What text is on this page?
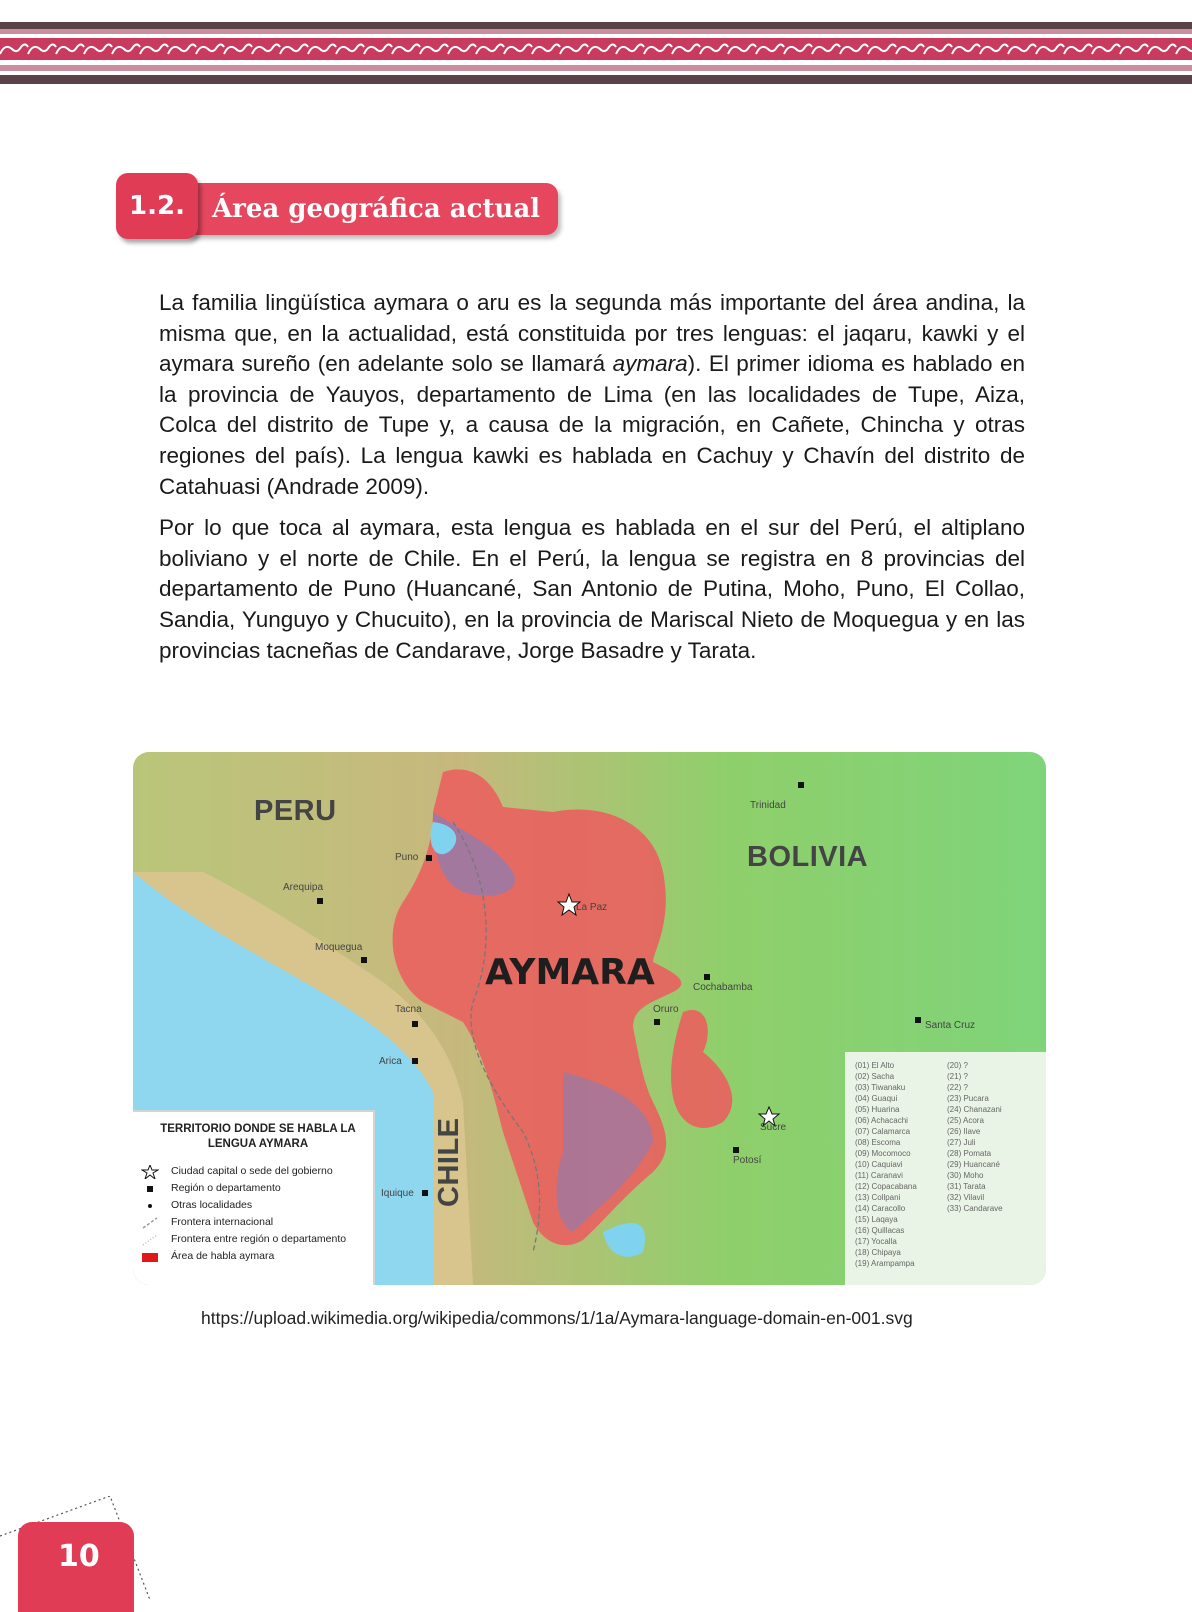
1.2.	Área geográfica actual

La familia lingüística aymara o aru es la segunda más importante del área andina, la misma que, en la actualidad, está constituida por tres lenguas: el jaqaru, kawki y el aymara sureño (en adelante solo se llamará aymara). El primer idioma es hablado en la provincia de Yauyos, departamento de Lima (en las localidades de Tupe, Aiza, Colca del distrito de Tupe y, a causa de la migración, en Cañete, Chincha y otras regiones del país). La lengua kawki es hablada en Cachuy y Chavín del distrito de Catahuasi (Andrade 2009).

Por lo que toca al aymara, esta lengua es hablada en el sur del Perú, el altiplano boliviano y el norte de Chile. En el Perú, la lengua se registra en 8 provincias del departamento de Puno (Huancané, San Antonio de Putina, Moho, Puno, El Collao, Sandia, Yunguyo y Chucuito), en la provincia de Mariscal Nieto de Moquegua y en las provincias tacneñas de Candarave, Jorge Basadre y Tarata.

PERU
BOLIVIA
CHILE
AYMARA
Puno
Arequipa
Moquegua
Tacna
Arica
Iquique
La Paz
Trinidad
Cochabamba
Oruro
Santa Cruz
Potosí
Sucre
TERRITORIO DONDE SE HABLA LA LENGUA AYMARA
Ciudad capital o sede del gobierno
Región o departamento
Otras localidades
Frontera internacional
Frontera entre región o departamento
Área de habla aymara
(01) El Alto
(02) Sacha
(03) Tiwanaku
(04) Guaqui
(05) Huarina
(06) Achacachi
(07) Calamarca
(08) Escoma
(09) Mocomoco
(10) Caquiavi
(11) Caranavi
(12) Copacabana
(13) Collpani
(14) Caracollo
(15) Laqaya
(16) Quillacas
(17) Yocalla
(18) Chipaya
(19) Arampampa
(20) ?
(21) ?
(22) ?
(23) Pucara
(24) Chanazani
(25) Acora
(26) Ilave
(27) Juli
(28) Pomata
(29) Huancané
(30) Moho
(31) Tarata
(32) Vilavil
(33) Candarave
https://upload.wikimedia.org/wikipedia/commons/1/1a/Aymara-language-domain-en-001.svg
10
